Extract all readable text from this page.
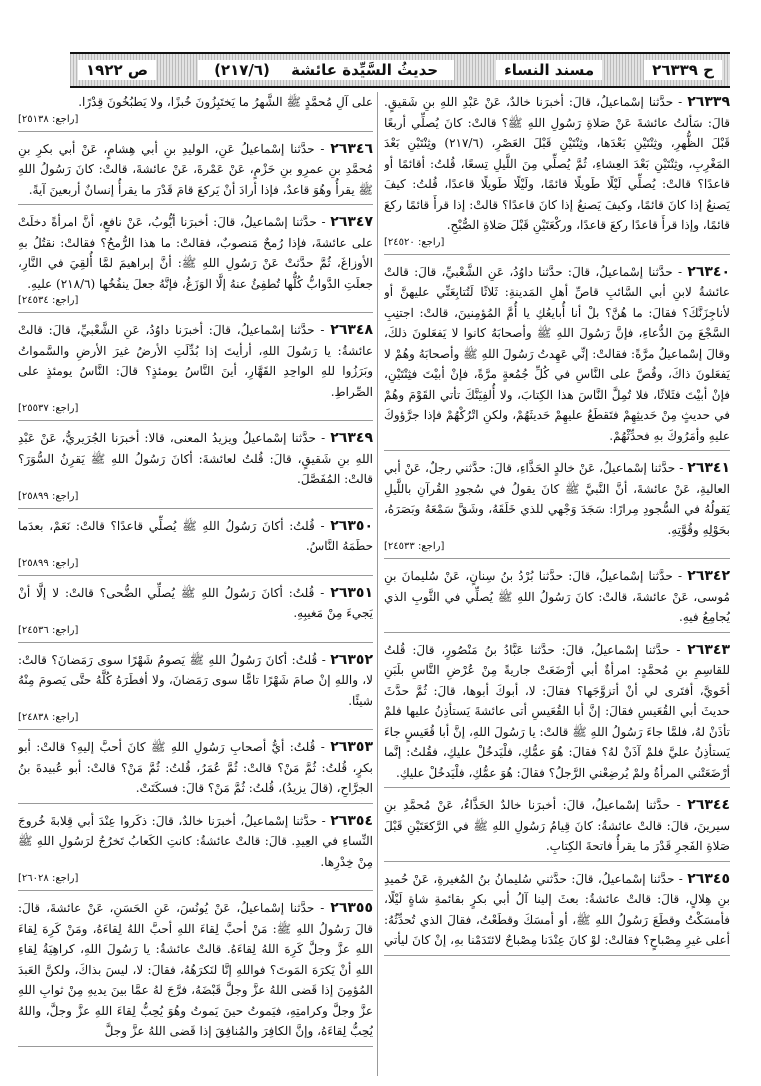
ح ٢٦٣٣٩
مسند النساء
حديثُ السَّيِّدة عائشة (٢١٧/٦)
ص ١٩٢٢
٢٦٣٣٩ - حدَّثنا إسْماعيلُ، قالَ: أخبرَنا خالدٌ، عَنْ عَبْدِ اللهِ بنِ شَقيقٍ. قالَ: سَألتُ عائشةَ عَنْ صَلاةِ رَسُولِ اللهِ ﷺ؟ قالتْ: كانَ يُصلِّي أربعًا قَبْلَ الظُّهرِ، وثِنْتَيْنِ بَعْدَها، وثِنْتَيْنِ قَبْلَ العَصْرِ، (٢١٧/٦) وثِنْتَيْنِ بَعْدَ المَغْرِبِ، وثِنْتَيْنِ بَعْدَ العِشاءِ، ثُمَّ يُصلِّي مِنَ اللَّيلِ تِسعًا، قُلتُ: أقائمًا أو قاعدًا؟ قالتْ: يُصلِّي لَيْلًا طَويلًا قائمًا، ولَيْلًا طَويلًا قاعدًا، قُلتُ: كيفَ يَصنعُ إذا كانَ قائمًا، وكيفَ يَصنعُ إذا كانَ قاعدًا؟ قالتْ: إذا قرأَ قائمًا ركعَ قائمًا، وإذا قرأَ قاعدًا ركعَ قاعدًا، وركْعَتَيْنِ قَبْلَ صَلاةِ الصُّبْحِ.
[راجع: ٢٤٥٢٠]
٢٦٣٤٠ - حدَّثنا إسْماعيلُ، قالَ: حدَّثنا داوُدُ، عَنِ الشَّعْبيِّ، قالَ: قالتْ عائشةُ لابنِ أبي السَّائبِ قاصِّ أهلِ المَدينةِ: ثَلاثًا لَتُتابِعَنِّي عليهنَّ أو لأناجِزَنَّكَ؟ فقالَ: ما هُنَّ؟ بلْ أنا أُبايعُكِ يا أُمَّ المُؤمِنينَ، قالتْ: اجتنِبِ السَّجْعَ مِنَ الدُّعاءِ، فإنَّ رَسُولَ اللهِ ﷺ وأصحابَهُ كانوا لا يَفعَلونَ ذلكَ، وقالَ إسْماعيلُ مرَّةً: فقالتْ: إنِّي عَهِدتُ رَسُولَ اللهِ ﷺ وأصحابَهُ وهُمْ لا يَفعَلونَ ذاكَ، وقُصَّ على النَّاسِ في كُلِّ جُمُعةٍ مرَّةً، فإنْ أبيْتَ فثِنْتَيْنِ، فإنْ أبيْتَ فثَلاثًا، فلا تُمِلَّ النَّاسَ هذا الكِتابَ، ولا أُلفِيَنَّكَ تأتي القَوْمَ وهُمْ في حديثٍ مِنْ حَديثِهِمْ فتَقطَعُ عليهِمْ حَديثَهُمْ، ولكنِ اتْرُكْهُمْ فإذا جرَّؤوكَ عليهِ وأمَرُوكَ بهِ فحدِّثْهُمْ.
٢٦٣٤١ - حدَّثنا إسْماعيلُ، عَنْ خالدٍ الحَذَّاءِ، قالَ: حدَّثني رجلٌ، عَنْ أبي العاليةِ، عَنْ عائشةَ، أنَّ النَّبيَّ ﷺ كانَ يقولُ في سُجودِ القُرآنِ باللَّيلِ يَقولُهُ في السُّجودِ مِرارًا: سَجَدَ وَجْهي للذي خَلَقَهُ، وشَقَّ سَمْعَهُ وبَصَرَهُ، بحَوْلِهِ وقُوَّتِهِ.
[راجع: ٢٤٥٣٣]
٢٦٣٤٢ - حدَّثنا إسْماعيلُ، قالَ: حدَّثنا بُرْدُ بنُ سِنانٍ، عَنْ سُليمانَ بنِ مُوسى، عَنْ عائشةَ، قالتْ: كانَ رَسُولُ اللهِ ﷺ يُصلِّي في الثَّوبِ الذي يُجامِعُ فيهِ.
٢٦٣٤٣ - حدَّثنا إسْماعيلُ، قالَ: حدَّثنا عَبَّادُ بنُ مَنْصُورٍ، قالَ: قُلتُ للقاسِمِ بنِ مُحمَّدٍ: امرأةٌ أبي أرْضَعَتْ جاريةً مِنْ عُرْضِ النَّاسِ بلَبَنِ أخَويَّ، أفتَرى لي أنْ أتزوَّجَها؟ فقالَ: لا، أبوكَ أبوها، قالَ: ثُمَّ حدَّثَ حديثَ أبي القُعَيسِ فقالَ: إنَّ أبا القُعَيسِ أتى عائشةَ يَستأذِنُ عليها فلمْ تأذَنْ لهُ، فلمَّا جاءَ رَسُولُ اللهِ ﷺ قالتْ: يا رَسُولَ اللهِ، إنَّ أبا قُعَيسٍ جاءَ يَستأذِنُ عليَّ فلمْ آذَنْ لهُ؟ فقالَ: هُوَ عمُّكِ، فلْيَدخُلْ عليكِ، فقُلتُ: إنَّما أرْضَعَتْني المرأةُ ولمْ يُرضِعْني الرَّجلُ؟ فقالَ: هُوَ عمُّكِ، فلْيَدخُلْ عليكِ.
٢٦٣٤٤ - حدَّثنا إسْماعيلُ، قالَ: أخبرَنا خالدٌ الحَذَّاءُ، عَنْ مُحمَّدِ بنِ سيرينَ، قالَ: قالتْ عائشةُ: كانَ قِيامُ رَسُولِ اللهِ ﷺ في الرَّكعَتَيْنِ قَبْلَ صَلاةِ الفَجرِ قَدْرَ ما يقرأُ فاتحةَ الكِتابِ.
٢٦٣٤٥ - حدَّثنا إسْماعيلُ، قالَ: حدَّثني سُليمانُ بنُ المُغيرةِ، عَنْ حُميدِ بنِ هِلالٍ، قالَ: قالتْ عائشةُ: بعثَ إلينا آلُ أبي بكرٍ بقائمةِ شاةٍ لَيْلًا، فأمسَكْتُ وقطَعَ رَسُولُ اللهِ ﷺ، أو أمسَكَ وقطَعْتُ، فقالَ الذي تُحدِّثُهُ: أعلى غيرِ مِصْباحٍ؟ فقالتْ: لوْ كانَ عِنْدَنا مِصْباحٌ لائتَدَمْنا بهِ، إنْ كانَ ليأتي
على آلِ مُحمَّدٍ ﷺ الشَّهرُ ما يَختَبِزُونَ خُبزًا، ولا يَطبُخُونَ قِدْرًا.
[راجع: ٢٥١٣٨]
٢٦٣٤٦ - حدَّثنا إسْماعيلُ عَنِ، الوليدِ بنِ أبي هِشامٍ، عَنْ أبي بكرِ بنِ مُحمَّدِ بنِ عمرِو بنِ حَزْمٍ، عَنْ عَمْرةَ، عَنْ عائشةَ، قالتْ: كانَ رَسُولُ اللهِ ﷺ يقرأُ وهُوَ قاعدٌ، فإذا أرادَ أنْ يَركعَ قامَ قَدْرَ ما يقرأُ إنسانٌ أربعينَ آيةً.
٢٦٣٤٧ - حدَّثنا إسْماعيلُ، قالَ: أخبرَنا أيُّوبُ، عَنْ نافعٍ، أنَّ امرأةً دخلَتْ على عائشةَ، فإذا رُمحٌ مَنصوبٌ، فقالتْ: ما هذا الرُّمحُ؟ فقالتْ: نقتُلُ بهِ الأوزاغَ، ثُمَّ حدَّثتْ عَنْ رَسُولِ اللهِ ﷺ: أنَّ إبراهيمَ لمَّا أُلقِيَ في النَّارِ، جعلَتِ الدَّوابُّ كُلُّها تُطفِئُ عنهُ إلَّا الوَزَغُ، فإنَّهُ جعلَ ينفُخُها (٢١٨/٦) عليهِ.
[راجع: ٢٤٥٣٤]
٢٦٣٤٨ - حدَّثنا إسْماعيلُ، قالَ: أخبرَنا داوُدُ، عَنِ الشَّعْبيِّ، قالَ: قالتْ عائشةُ: يا رَسُولَ اللهِ، أرأيتَ إذا بُدِّلَتِ الأرضُ غيرَ الأرضِ والسَّمواتُ وبَرَزُوا للهِ الواحِدِ القَهَّارِ، أينَ النَّاسُ يومئذٍ؟ قالَ: النَّاسُ يومئذٍ على الصِّراطِ.
[راجع: ٢٥٥٣٧]
٢٦٣٤٩ - حدَّثنا إسْماعيلُ ويزيدُ المعنى، قالا: أخبرَنا الجُرَيريُّ، عَنْ عَبْدِ اللهِ بنِ شَقيقٍ، قالَ: قُلتُ لعائشةَ: أكانَ رَسُولُ اللهِ ﷺ يَقرِنُ السُّوَرَ؟ قالتْ: المُفَصَّلَ.
[راجع: ٢٥٨٩٩]
٢٦٣٥٠ - قُلتُ: أكانَ رَسُولُ اللهِ ﷺ يُصلِّي قاعدًا؟ قالتْ: نَعَمْ، بعدَما حطَمَهُ النَّاسُ.
[راجع: ٢٥٨٩٩]
٢٦٣٥١ - قُلتُ: أكانَ رَسُولُ اللهِ ﷺ يُصلِّي الضُّحى؟ قالتْ: لا إلَّا أنْ يَجيءَ مِنْ مَغيبِهِ.
[راجع: ٢٤٥٣٦]
٢٦٣٥٢ - قُلتُ: أكانَ رَسُولُ اللهِ ﷺ يَصومُ شَهْرًا سوى رَمَضانَ؟ قالتْ: لا، واللهِ إنْ صامَ شَهْرًا تامًّا سوى رَمَضانَ، ولا أفطَرَهُ كُلَّهُ حتَّى يَصومَ مِنْهُ شيئًا.
[راجع: ٢٤٨٣٨]
٢٦٣٥٣ - قُلتُ: أيُّ أصحابِ رَسُولِ اللهِ ﷺ كانَ أحبَّ إليهِ؟ قالتْ: أبو بكرٍ، قُلتُ: ثُمَّ مَنْ؟ قالتْ: ثُمَّ عُمَرُ، قُلتُ: ثُمَّ مَنْ؟ قالتْ: أبو عُبيدةَ بنُ الجرَّاحِ، (قالَ يزيدُ)، قُلتُ: ثُمَّ مَنْ؟ قالَ: فسكَتَتْ.
٢٦٣٥٤ - حدَّثنا إسْماعيلُ، أخبرَنا خالدٌ، قالَ: ذكَروا عِنْدَ أبي قِلابةَ خُروجَ النِّساءِ في العِيدِ. قالَ: قالتْ عائشةُ: كانتِ الكَعابُ تَخرُجُ لرَسُولِ اللهِ ﷺ مِنْ خِدْرِها.
[راجع: ٢٦٠٢٨]
٢٦٣٥٥ - حدَّثنا إسْماعيلُ، عَنْ يُونُسَ، عَنِ الحَسَنِ، عَنْ عائشةَ، قالَ: قالَ رَسُولُ اللهِ ﷺ: مَنْ أحبَّ لِقاءَ اللهِ أحبَّ اللهُ لِقاءَهُ، ومَنْ كَرِهَ لِقاءَ اللهِ عزَّ وجلَّ كَرِهَ اللهُ لِقاءَهُ. قالتْ عائشةُ: يا رَسُولَ اللهِ، كراهِيَةُ لِقاءِ اللهِ أنْ يَكرَهَ المَوتَ؟ فواللهِ إنَّا لنَكرَهُهُ، فقالَ: لا، ليسَ بذاكَ، ولكنَّ العَبدَ المُؤمِنَ إذا قَضى اللهُ عزَّ وجلَّ قَبْضَهُ، فرَّجَ لهُ عمَّا بينَ يديهِ مِنْ ثوابِ اللهِ عزَّ وجلَّ وكرامتِهِ، فيَموتُ حينَ يَموتُ وهُوَ يُحِبُّ لِقاءَ اللهِ عزَّ وجلَّ، واللهُ يُحِبُّ لِقاءَهُ، وإنَّ الكافِرَ والمُنافِقَ إذا قَضى اللهُ عزَّ وجلَّ
